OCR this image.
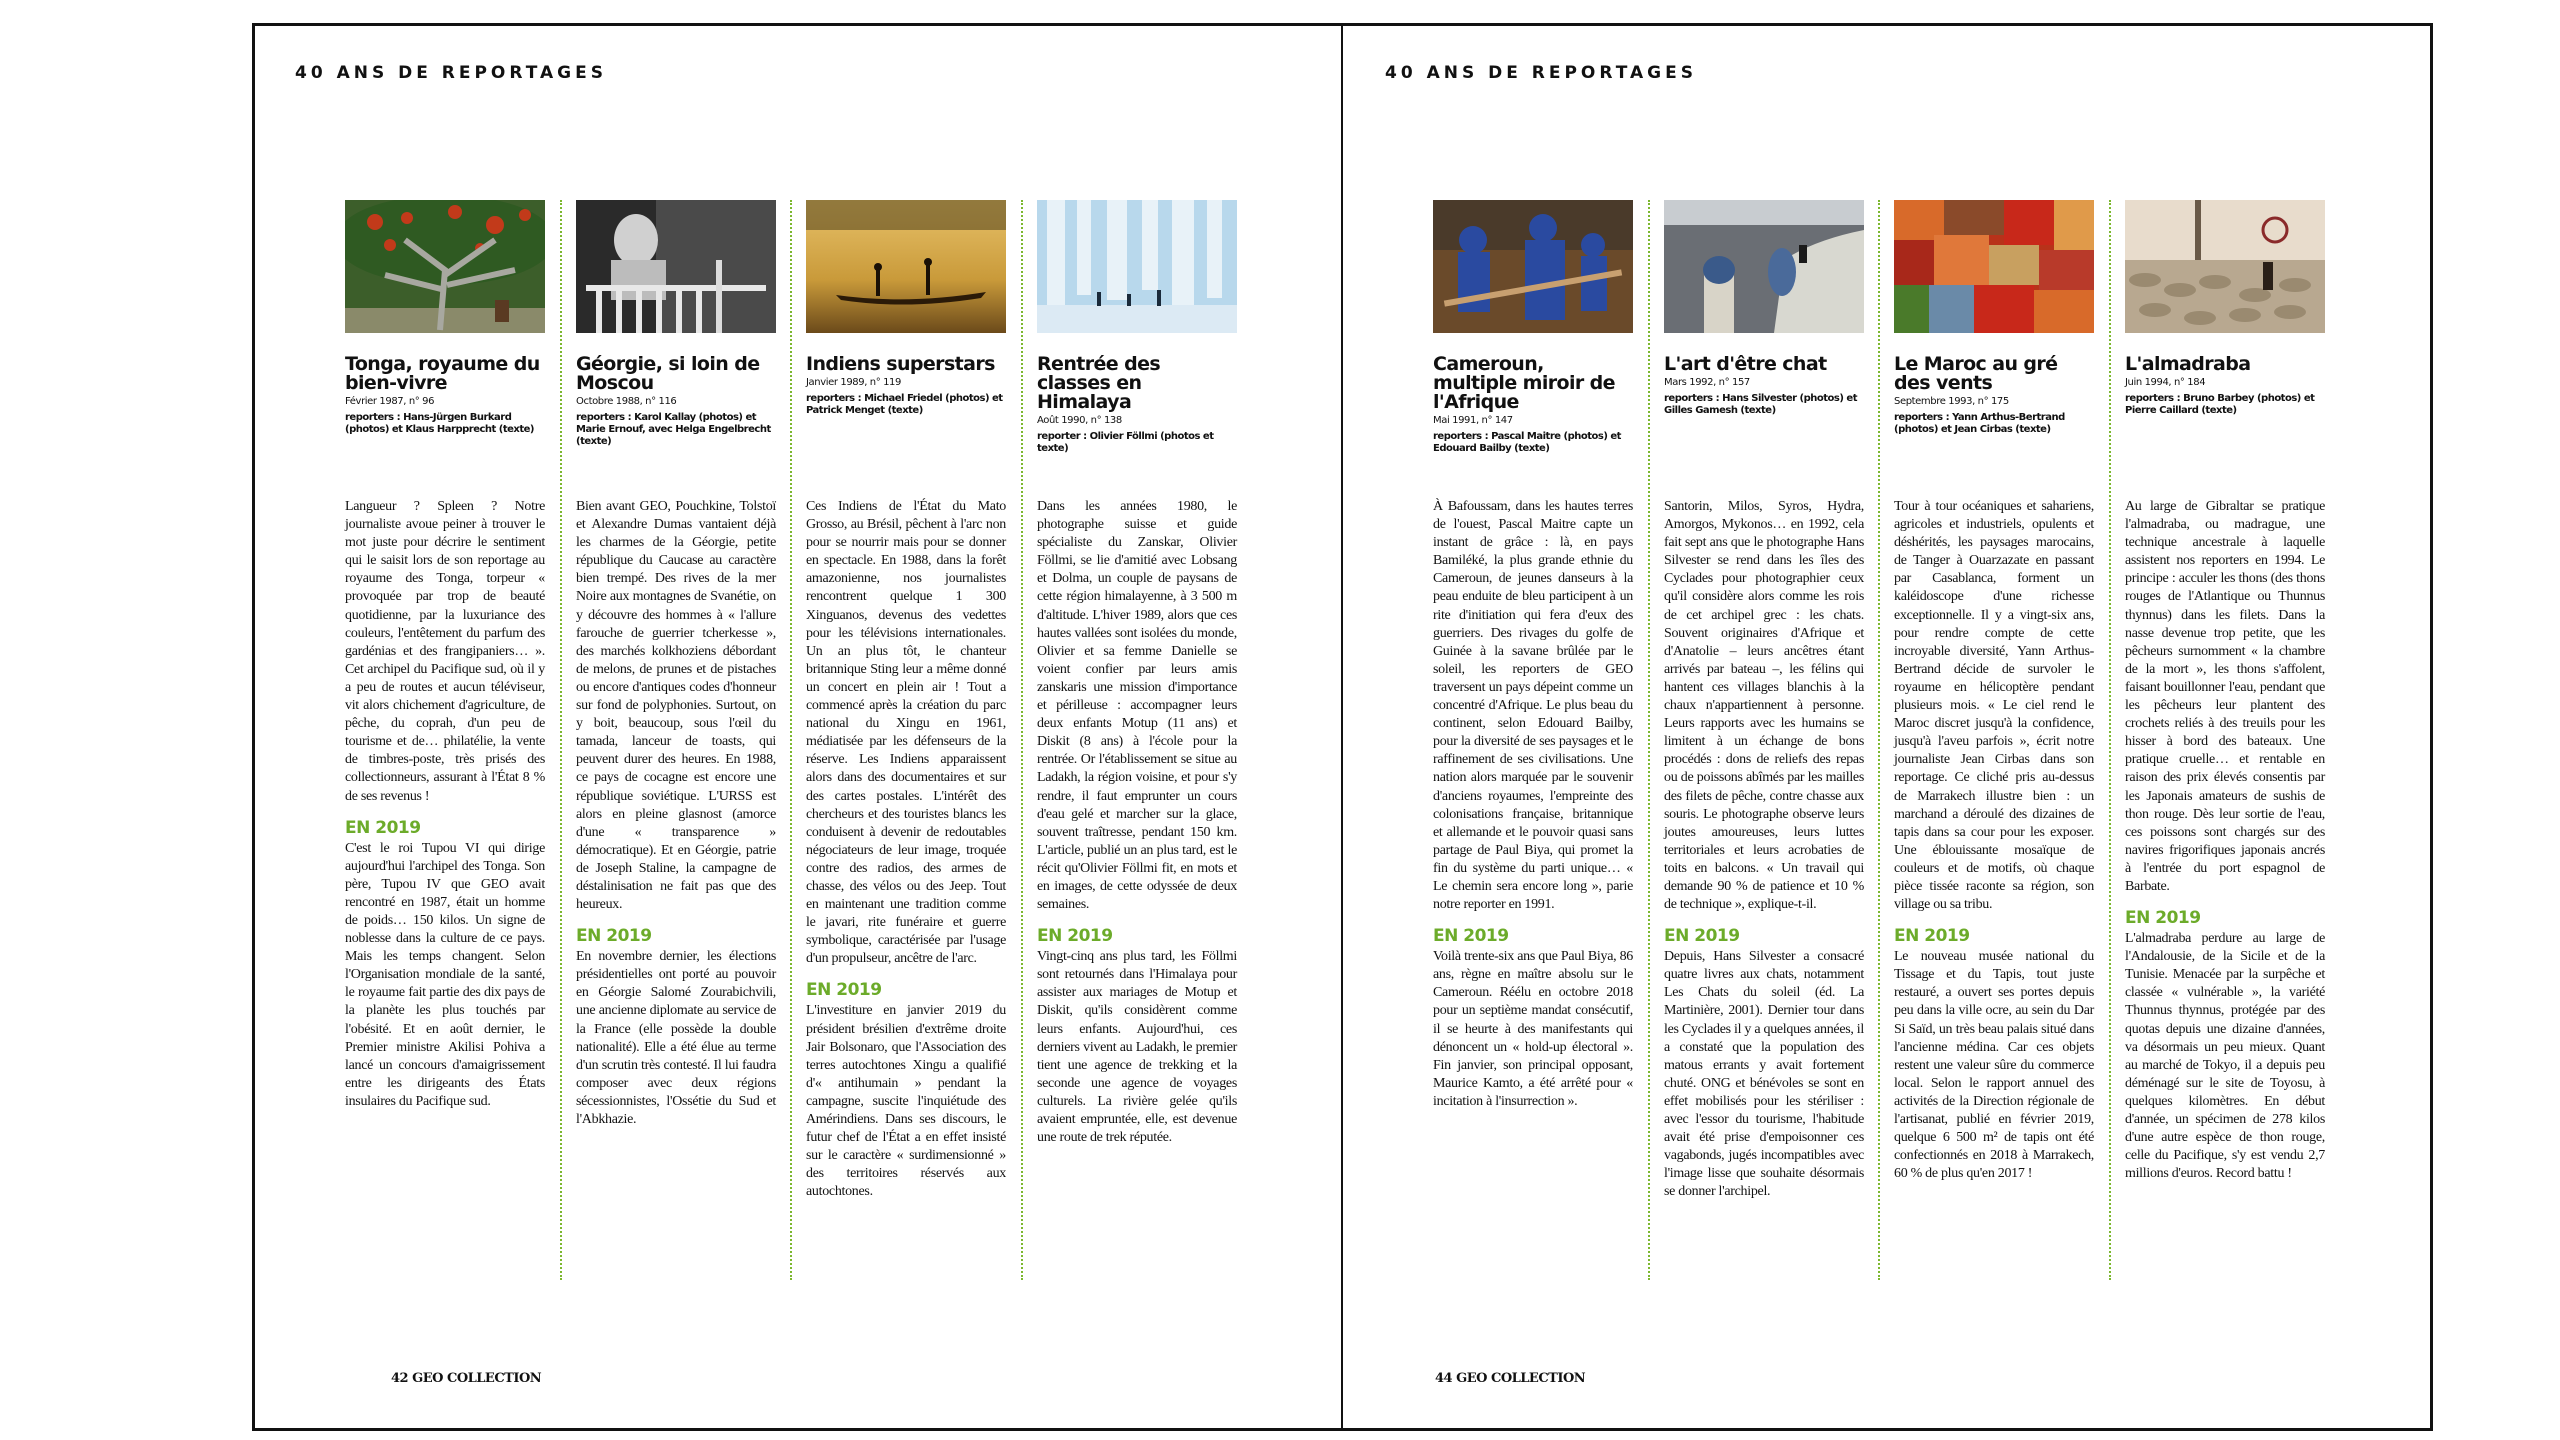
40 ANS DE REPORTAGES
Tonga, royaume du bien-vivre
Février 1987, n° 96
reporters : Hans-Jürgen Burkard (photos) et Klaus Harpprecht (texte)
Langueur ? Spleen ? Notre journaliste avoue peiner à trouver le mot juste pour décrire le sentiment qui le saisit lors de son reportage au royaume des Tonga, torpeur « provoquée par trop de beauté quotidienne, par la luxuriance des couleurs, l'entêtement du parfum des gardénias et des frangipaniers… ». Cet archipel du Pacifique sud, où il y a peu de routes et aucun téléviseur, vit alors chichement d'agriculture, de pêche, du coprah, d'un peu de tourisme et de… philatélie, la vente de timbres-poste, très prisés des collectionneurs, assurant à l'État 8 % de ses revenus !
EN 2019
C'est le roi Tupou VI qui dirige aujourd'hui l'archipel des Tonga. Son père, Tupou IV que GEO avait rencontré en 1987, était un homme de poids… 150 kilos. Un signe de noblesse dans la culture de ce pays. Mais les temps changent. Selon l'Organisation mondiale de la santé, le royaume fait partie des dix pays de la planète les plus touchés par l'obésité. Et en août dernier, le Premier ministre Akilisi Pohiva a lancé un concours d'amaigrissement entre les dirigeants des États insulaires du Pacifique sud.
Géorgie, si loin de Moscou
Octobre 1988, n° 116
reporters : Karol Kallay (photos) et Marie Ernouf, avec Helga Engelbrecht (texte)
Bien avant GEO, Pouchkine, Tolstoï et Alexandre Dumas vantaient déjà les charmes de la Géorgie, petite république du Caucase au caractère bien trempé. Des rives de la mer Noire aux montagnes de Svanétie, on y découvre des hommes à « l'allure farouche de guerrier tcherkesse », des marchés kolkhoziens débordant de melons, de prunes et de pistaches ou encore d'antiques codes d'honneur sur fond de polyphonies. Surtout, on y boit, beaucoup, sous l'œil du tamada, lanceur de toasts, qui peuvent durer des heures. En 1988, ce pays de cocagne est encore une république soviétique. L'URSS est alors en pleine glasnost (amorce d'une « transparence » démocratique). Et en Géorgie, patrie de Joseph Staline, la campagne de déstalinisation ne fait pas que des heureux.
EN 2019
En novembre dernier, les élections présidentielles ont porté au pouvoir en Géorgie Salomé Zourabichvili, une ancienne diplomate au service de la France (elle possède la double nationalité). Elle a été élue au terme d'un scrutin très contesté. Il lui faudra composer avec deux régions sécessionnistes, l'Ossétie du Sud et l'Abkhazie.
Indiens superstars
Janvier 1989, n° 119
reporters : Michael Friedel (photos) et Patrick Menget (texte)
Ces Indiens de l'État du Mato Grosso, au Brésil, pêchent à l'arc non pour se nourrir mais pour se donner en spectacle. En 1988, dans la forêt amazonienne, nos journalistes rencontrent quelque 1 300 Xinguanos, devenus des vedettes pour les télévisions internationales. Un an plus tôt, le chanteur britannique Sting leur a même donné un concert en plein air ! Tout a commencé après la création du parc national du Xingu en 1961, médiatisée par les défenseurs de la réserve. Les Indiens apparaissent alors dans des documentaires et sur des cartes postales. L'intérêt des chercheurs et des touristes blancs les conduisent à devenir de redoutables négociateurs de leur image, troquée contre des radios, des armes de chasse, des vélos ou des Jeep. Tout en maintenant une tradition comme le javari, rite funéraire et guerre symbolique, caractérisée par l'usage d'un propulseur, ancêtre de l'arc.
EN 2019
L'investiture en janvier 2019 du président brésilien d'extrême droite Jair Bolsonaro, que l'Association des terres autochtones Xingu a qualifié d'« antihumain » pendant la campagne, suscite l'inquiétude des Amérindiens. Dans ses discours, le futur chef de l'État a en effet insisté sur le caractère « surdimensionné » des territoires réservés aux autochtones.
Rentrée des classes en Himalaya
Août 1990, n° 138
reporter : Olivier Föllmi (photos et texte)
Dans les années 1980, le photographe suisse et guide spécialiste du Zanskar, Olivier Föllmi, se lie d'amitié avec Lobsang et Dolma, un couple de paysans de cette région himalayenne, à 3 500 m d'altitude. L'hiver 1989, alors que ces hautes vallées sont isolées du monde, Olivier et sa femme Danielle se voient confier par leurs amis zanskaris une mission d'importance et périlleuse : accompagner leurs deux enfants Motup (11 ans) et Diskit (8 ans) à l'école pour la rentrée. Or l'établissement se situe au Ladakh, la région voisine, et pour s'y rendre, il faut emprunter un cours d'eau gelé et marcher sur la glace, souvent traîtresse, pendant 150 km. L'article, publié un an plus tard, est le récit qu'Olivier Föllmi fit, en mots et en images, de cette odyssée de deux semaines.
EN 2019
Vingt-cinq ans plus tard, les Föllmi sont retournés dans l'Himalaya pour assister aux mariages de Motup et Diskit, qu'ils considèrent comme leurs enfants. Aujourd'hui, ces derniers vivent au Ladakh, le premier tient une agence de trekking et la seconde une agence de voyages culturels. La rivière gelée qu'ils avaient empruntée, elle, est devenue une route de trek réputée.
42 GEO COLLECTION
40 ANS DE REPORTAGES
Cameroun, multiple miroir de l'Afrique
Mai 1991, n° 147
reporters : Pascal Maitre (photos) et Edouard Bailby (texte)
À Bafoussam, dans les hautes terres de l'ouest, Pascal Maitre capte un instant de grâce : là, en pays Bamiléké, la plus grande ethnie du Cameroun, de jeunes danseurs à la peau enduite de bleu participent à un rite d'initiation qui fera d'eux des guerriers. Des rivages du golfe de Guinée à la savane brûlée par le soleil, les reporters de GEO traversent un pays dépeint comme un concentré d'Afrique. Le plus beau du continent, selon Edouard Bailby, pour la diversité de ses paysages et le raffinement de ses civilisations. Une nation alors marquée par le souvenir d'anciens royaumes, l'empreinte des colonisations française, britannique et allemande et le pouvoir quasi sans partage de Paul Biya, qui promet la fin du système du parti unique… « Le chemin sera encore long », parie notre reporter en 1991.
EN 2019
Voilà trente-six ans que Paul Biya, 86 ans, règne en maître absolu sur le Cameroun. Réélu en octobre 2018 pour un septième mandat consécutif, il se heurte à des manifestants qui dénoncent un « hold-up électoral ». Fin janvier, son principal opposant, Maurice Kamto, a été arrêté pour « incitation à l'insurrection ».
L'art d'être chat
Mars 1992, n° 157
reporters : Hans Silvester (photos) et Gilles Gamesh (texte)
Santorin, Milos, Syros, Hydra, Amorgos, Mykonos… en 1992, cela fait sept ans que le photographe Hans Silvester se rend dans les îles des Cyclades pour photographier ceux qu'il considère alors comme les rois de cet archipel grec : les chats. Souvent originaires d'Afrique et d'Anatolie – leurs ancêtres étant arrivés par bateau –, les félins qui hantent ces villages blanchis à la chaux n'appartiennent à personne. Leurs rapports avec les humains se limitent à un échange de bons procédés : dons de reliefs des repas ou de poissons abîmés par les mailles des filets de pêche, contre chasse aux souris. Le photographe observe leurs joutes amoureuses, leurs luttes territoriales et leurs acrobaties de toits en balcons. « Un travail qui demande 90 % de patience et 10 % de technique », explique-t-il.
EN 2019
Depuis, Hans Silvester a consacré quatre livres aux chats, notamment Les Chats du soleil (éd. La Martinière, 2001). Dernier tour dans les Cyclades il y a quelques années, il a constaté que la population des matous errants y avait fortement chuté. ONG et bénévoles se sont en effet mobilisés pour les stériliser : avec l'essor du tourisme, l'habitude avait été prise d'empoisonner ces vagabonds, jugés incompatibles avec l'image lisse que souhaite désormais se donner l'archipel.
Le Maroc au gré des vents
Septembre 1993, n° 175
reporters : Yann Arthus-Bertrand (photos) et Jean Cirbas (texte)
Tour à tour océaniques et sahariens, agricoles et industriels, opulents et déshérités, les paysages marocains, de Tanger à Ouarzazate en passant par Casablanca, forment un kaléidoscope d'une richesse exceptionnelle. Il y a vingt-six ans, pour rendre compte de cette incroyable diversité, Yann Arthus-Bertrand décide de survoler le royaume en hélicoptère pendant plusieurs mois. « Le ciel rend le Maroc discret jusqu'à la confidence, jusqu'à l'aveu parfois », écrit notre journaliste Jean Cirbas dans son reportage. Ce cliché pris au-dessus de Marrakech illustre bien : un marchand a déroulé des dizaines de tapis dans sa cour pour les exposer. Une éblouissante mosaïque de couleurs et de motifs, où chaque pièce tissée raconte sa région, son village ou sa tribu.
EN 2019
Le nouveau musée national du Tissage et du Tapis, tout juste restauré, a ouvert ses portes depuis peu dans la ville ocre, au sein du Dar Si Saïd, un très beau palais situé dans l'ancienne médina. Car ces objets restent une valeur sûre du commerce local. Selon le rapport annuel des activités de la Direction régionale de l'artisanat, publié en février 2019, quelque 6 500 m² de tapis ont été confectionnés en 2018 à Marrakech, 60 % de plus qu'en 2017 !
L'almadraba
Juin 1994, n° 184
reporters : Bruno Barbey (photos) et Pierre Caillard (texte)
Au large de Gibraltar se pratique l'almadraba, ou madrague, une technique ancestrale à laquelle assistent nos reporters en 1994. Le principe : acculer les thons (des thons rouges de l'Atlantique ou Thunnus thynnus) dans les filets. Dans la nasse devenue trop petite, que les pêcheurs surnomment « la chambre de la mort », les thons s'affolent, faisant bouillonner l'eau, pendant que les pêcheurs leur plantent des crochets reliés à des treuils pour les hisser à bord des bateaux. Une pratique cruelle… et rentable en raison des prix élevés consentis par les Japonais amateurs de sushis de thon rouge. Dès leur sortie de l'eau, ces poissons sont chargés sur des navires frigorifiques japonais ancrés à l'entrée du port espagnol de Barbate.
EN 2019
L'almadraba perdure au large de l'Andalousie, de la Sicile et de la Tunisie. Menacée par la surpêche et classée « vulnérable », la variété Thunnus thynnus, protégée par des quotas depuis une dizaine d'années, va désormais un peu mieux. Quant au marché de Tokyo, il a depuis peu déménagé sur le site de Toyosu, à quelques kilomètres. En début d'année, un spécimen de 278 kilos d'une autre espèce de thon rouge, celle du Pacifique, s'y est vendu 2,7 millions d'euros. Record battu !
44 GEO COLLECTION
